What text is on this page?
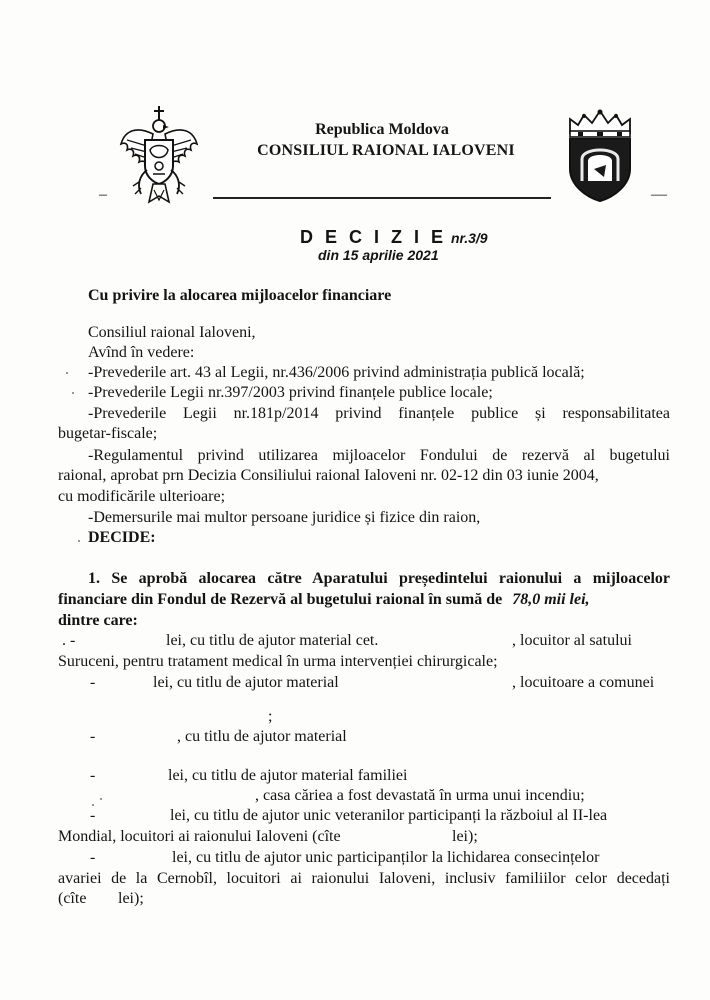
Republica Moldova
CONSILIUL RAIONAL IALOVENI
–	—
D E C I Z I E nr.3/9
din 15 aprilie 2021
Cu privire la alocarea mijloacelor financiare
Consiliul raional Ialoveni,
Avînd în vedere:
-Prevederile art. 43 al Legii, nr.436/2006 privind administrația publică locală;
-Prevederile Legii nr.397/2003 privind finanțele publice locale;
-Prevederile Legii nr.181p/2014 privind finanțele publice și responsabilitatea
bugetar-fiscale;
-Regulamentul privind utilizarea mijloacelor Fondului de rezervă al bugetului
raional, aprobat prn Decizia Consiliului raional Ialoveni nr. 02-12 din 03 iunie 2004,
cu modificările ulterioare;
-Demersurile mai multor persoane juridice și fizice din raion,
DECIDE:
1. Se aprobă alocarea către Aparatului președintelui raionului a mijloacelor
financiare din Fondul de Rezervă al bugetului raional în sumă de 78,0 mii lei,
dintre care:
. -	lei, cu titlu de ajutor material cet.	, locuitor al satului
Suruceni, pentru tratament medical în urma intervenției chirurgicale;
-	lei, cu titlu de ajutor material	, locuitoare a comunei
;
-	, cu titlu de ajutor material
-	lei, cu titlu de ajutor material familiei
, casa căriea a fost devastată în urma unui incendiu;
-	lei, cu titlu de ajutor unic veteranilor participanți la războiul al II-lea
Mondial, locuitori ai raionului Ialoveni (cîte	lei);
-	lei, cu titlu de ajutor unic participanților la lichidarea consecințelor
avariei de la Cernobîl, locuitori ai raionului Ialoveni, inclusiv familiilor celor decedați
(cîte lei);
